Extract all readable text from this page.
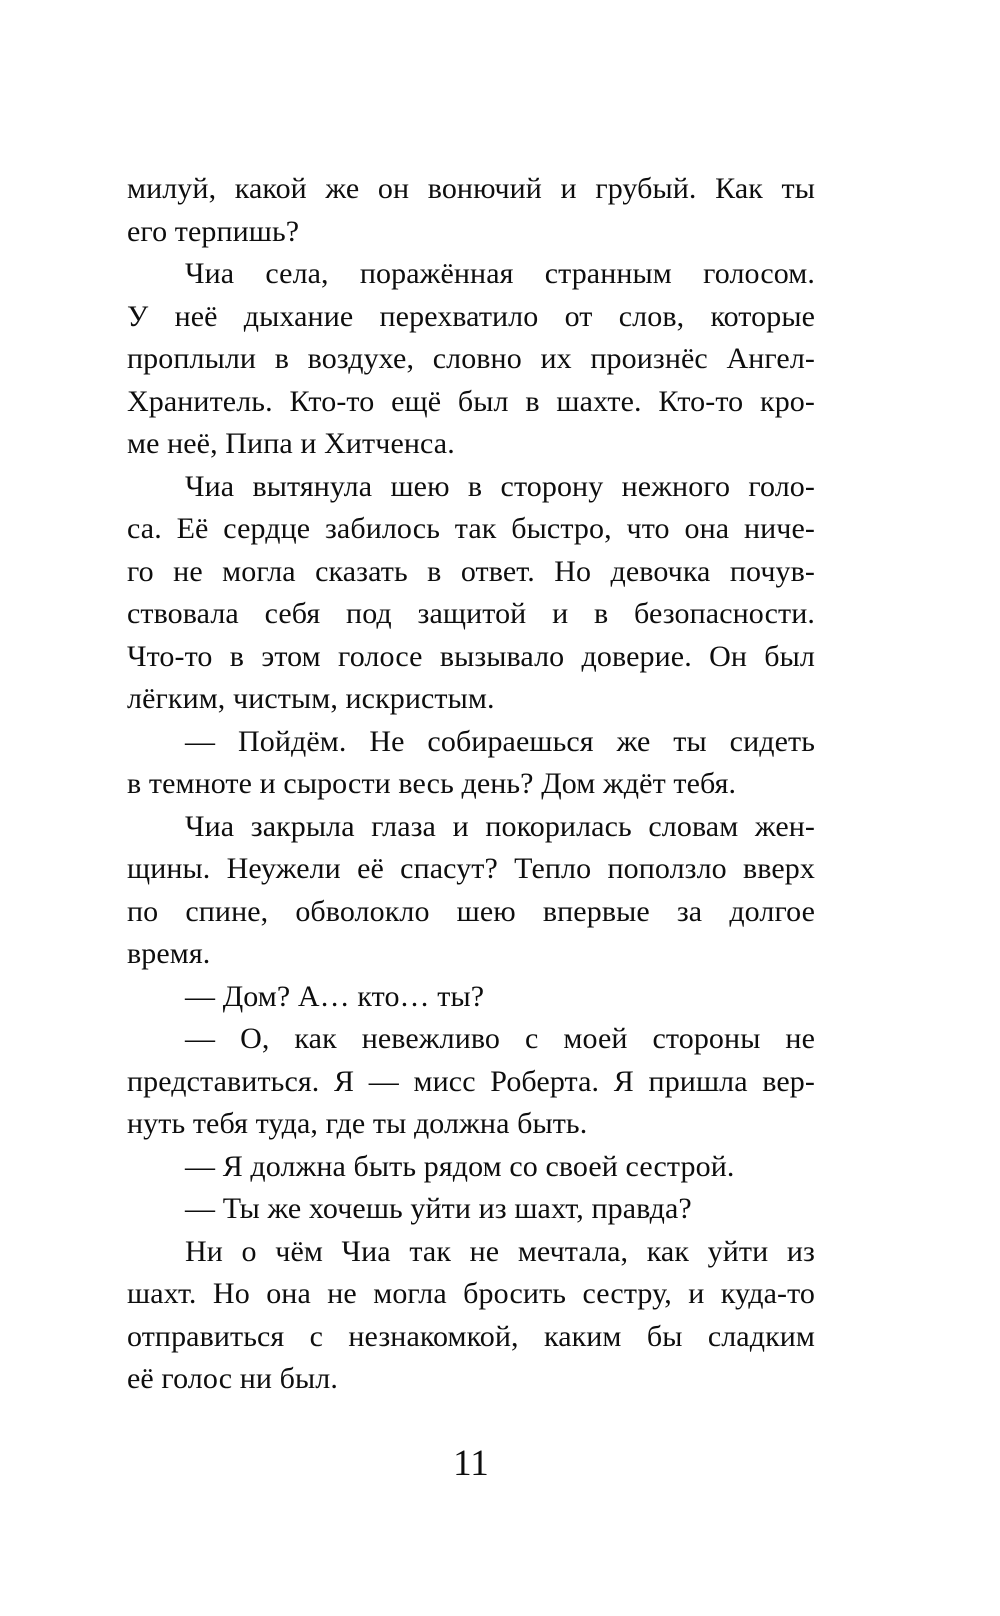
милуй, какой же он вонючий и грубый. Как ты
его терпишь?
Чиа села, поражённая странным голосом.
У неё дыхание перехватило от слов, которые
проплыли в воздухе, словно их произнёс Ангел-
Хранитель. Кто-то ещё был в шахте. Кто-то кро-
ме неё, Пипа и Хитченса.
Чиа вытянула шею в сторону нежного голо-
са. Её сердце забилось так быстро, что она ниче-
го не могла сказать в ответ. Но девочка почув-
ствовала себя под защитой и в безопасности.
Что-то в этом голосе вызывало доверие. Он был
лёгким, чистым, искристым.
— Пойдём. Не собираешься же ты сидеть
в темноте и сырости весь день? Дом ждёт тебя.
Чиа закрыла глаза и покорилась словам жен-
щины. Неужели её спасут? Тепло поползло вверх
по спине, обволокло шею впервые за долгое
время.
— Дом? А… кто… ты?
— О, как невежливо с моей стороны не
представиться. Я — мисс Роберта. Я пришла вер-
нуть тебя туда, где ты должна быть.
— Я должна быть рядом со своей сестрой.
— Ты же хочешь уйти из шахт, правда?
Ни о чём Чиа так не мечтала, как уйти из
шахт. Но она не могла бросить сестру, и куда-то
отправиться с незнакомкой, каким бы сладким
её голос ни был.
11
